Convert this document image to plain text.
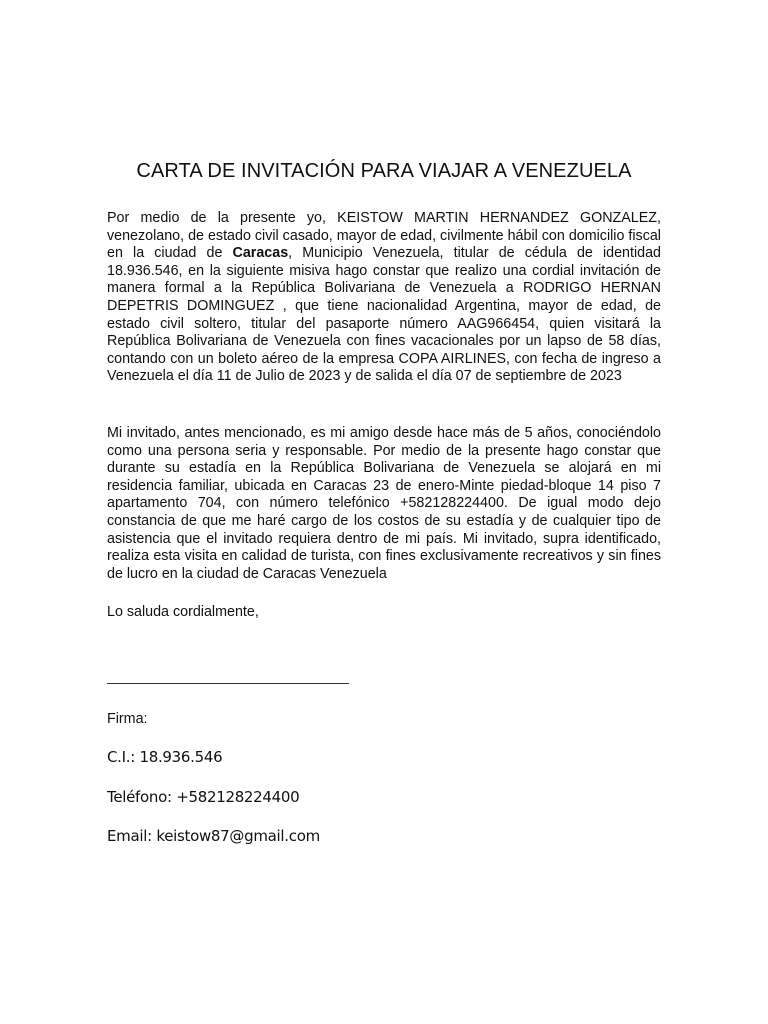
CARTA DE INVITACIÓN PARA VIAJAR A VENEZUELA

Por medio de la presente yo, KEISTOW MARTIN HERNANDEZ GONZALEZ, venezolano, de estado civil casado, mayor de edad, civilmente hábil con domicilio fiscal en la ciudad de Caracas, Municipio Venezuela, titular de cédula de identidad 18.936.546, en la siguiente misiva hago constar que realizo una cordial invitación de manera formal a la República Bolivariana de Venezuela a RODRIGO HERNAN DEPETRIS DOMINGUEZ , que tiene nacionalidad Argentina, mayor de edad, de estado civil soltero, titular del pasaporte número AAG966454, quien visitará la República Bolivariana de Venezuela con fines vacacionales por un lapso de 58 días, contando con un boleto aéreo de la empresa COPA AIRLINES, con fecha de ingreso a Venezuela el día 11 de Julio de 2023 y de salida el día 07 de septiembre de 2023

Mi invitado, antes mencionado, es mi amigo desde hace más de 5 años, conociéndolo como una persona seria y responsable. Por medio de la presente hago constar que durante su estadía en la República Bolivariana de Venezuela se alojará en mi residencia familiar, ubicada en Caracas 23 de enero-Minte piedad-bloque 14 piso 7 apartamento 704, con número telefónico +582128224400. De igual modo dejo constancia de que me haré cargo de los costos de su estadía y de cualquier tipo de asistencia que el invitado requiera dentro de mi país. Mi invitado, supra identificado, realiza esta visita en calidad de turista, con fines exclusivamente recreativos y sin fines de lucro en la ciudad de Caracas Venezuela

Lo saluda cordialmente,
Firma:
C.I.: 18.936.546
Teléfono: +582128224400
Email: keistow87@gmail.com
